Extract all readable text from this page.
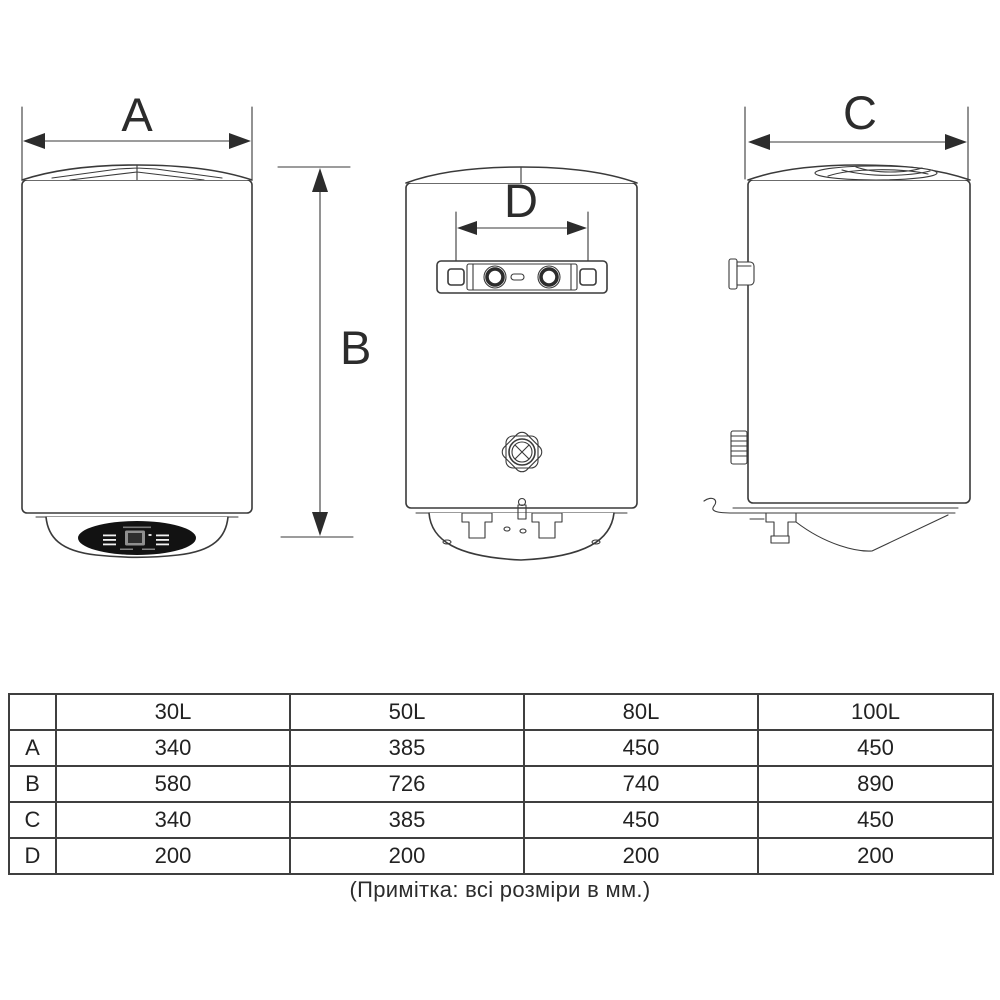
A
B
D
C
	30L	50L	80L	100L
A	340	385	450	450
B	580	726	740	890
C	340	385	450	450
D	200	200	200	200
(Примітка: всі розміри в мм.)
